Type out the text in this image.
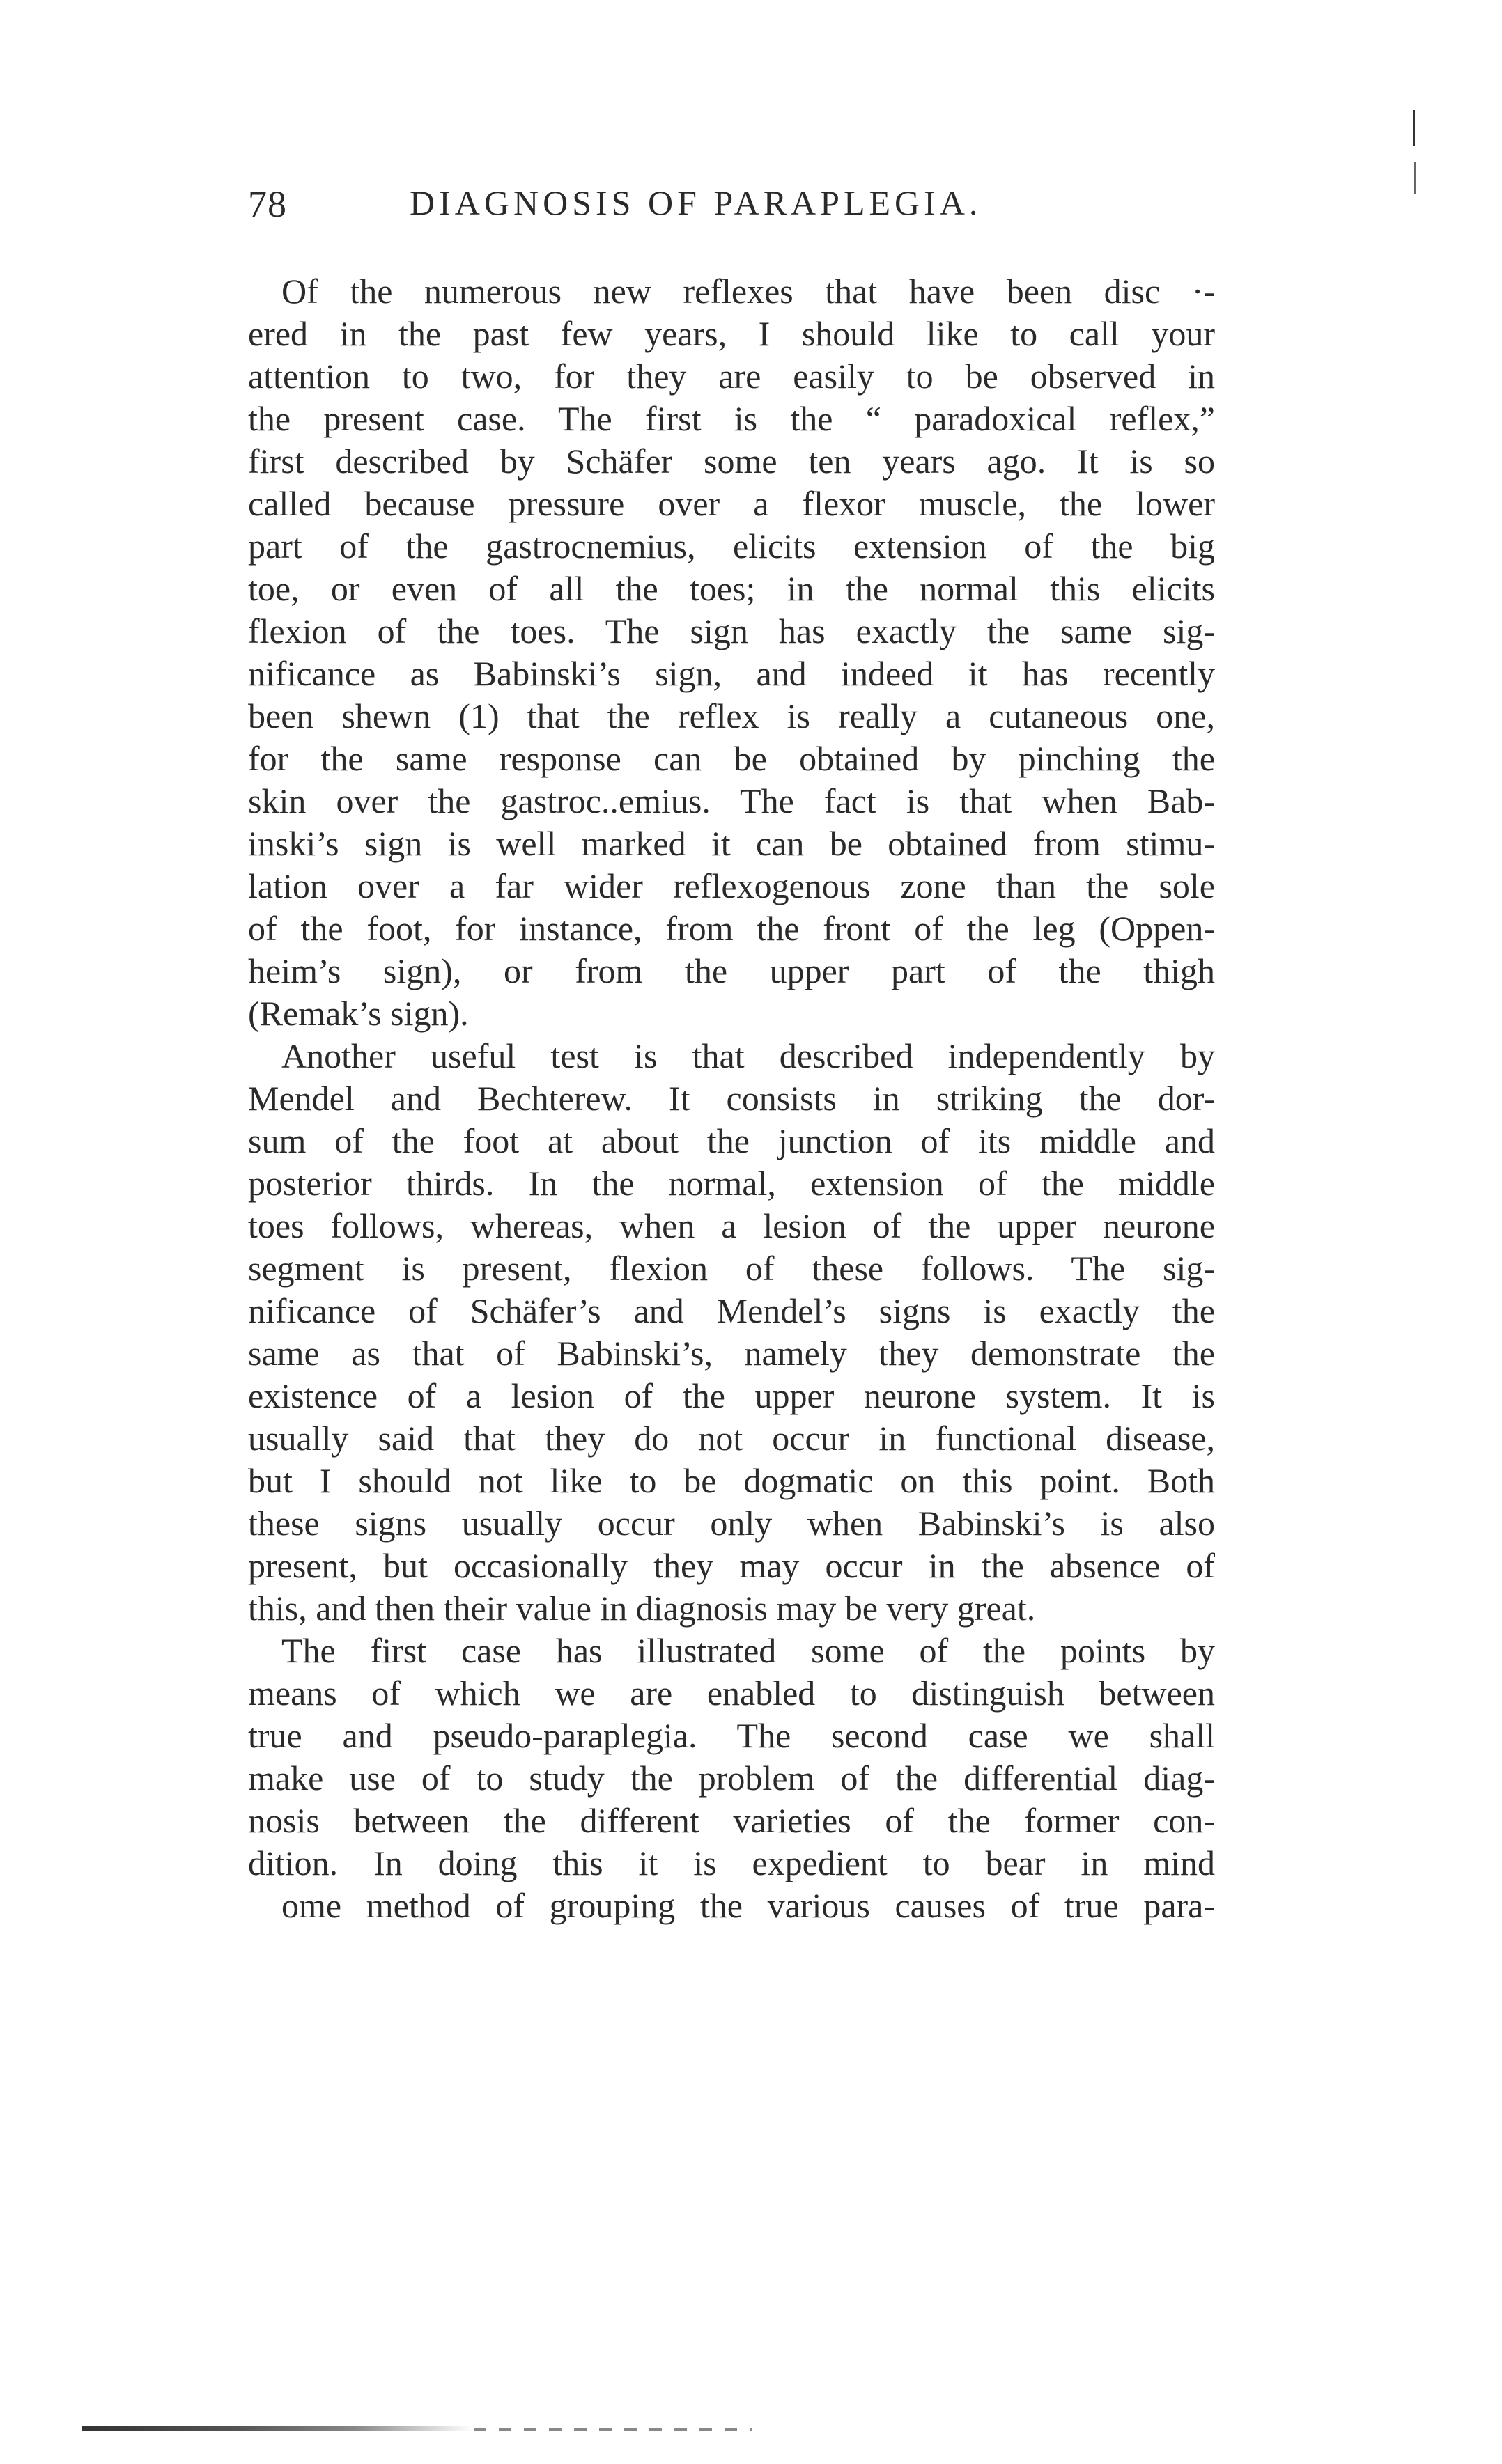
78	DIAGNOSIS OF PARAPLEGIA.
Of the numerous new reflexes that have been disc ·-
ered in the past few years, I should like to call your
attention to two, for they are easily to be observed in
the present case. The first is the “ paradoxical reflex,”
first described by Schäfer some ten years ago. It is so
called because pressure over a flexor muscle, the lower
part of the gastrocnemius, elicits extension of the big
toe, or even of all the toes; in the normal this elicits
flexion of the toes. The sign has exactly the same sig-
nificance as Babinski’s sign, and indeed it has recently
been shewn (1) that the reflex is really a cutaneous one,
for the same response can be obtained by pinching the
skin over the gastroc..emius. The fact is that when Bab-
inski’s sign is well marked it can be obtained from stimu-
lation over a far wider reflexogenous zone than the sole
of the foot, for instance, from the front of the leg (Oppen-
heim’s sign), or from the upper part of the thigh
(Remak’s sign).
Another useful test is that described independently by
Mendel and Bechterew. It consists in striking the dor-
sum of the foot at about the junction of its middle and
posterior thirds. In the normal, extension of the middle
toes follows, whereas, when a lesion of the upper neurone
segment is present, flexion of these follows. The sig-
nificance of Schäfer’s and Mendel’s signs is exactly the
same as that of Babinski’s, namely they demonstrate the
existence of a lesion of the upper neurone system. It is
usually said that they do not occur in functional disease,
but I should not like to be dogmatic on this point. Both
these signs usually occur only when Babinski’s is also
present, but occasionally they may occur in the absence of
this, and then their value in diagnosis may be very great.
The first case has illustrated some of the points by
means of which we are enabled to distinguish between
true and pseudo-paraplegia. The second case we shall
make use of to study the problem of the differential diag-
nosis between the different varieties of the former con-
dition. In doing this it is expedient to bear in mind
ome method of grouping the various causes of true para-
